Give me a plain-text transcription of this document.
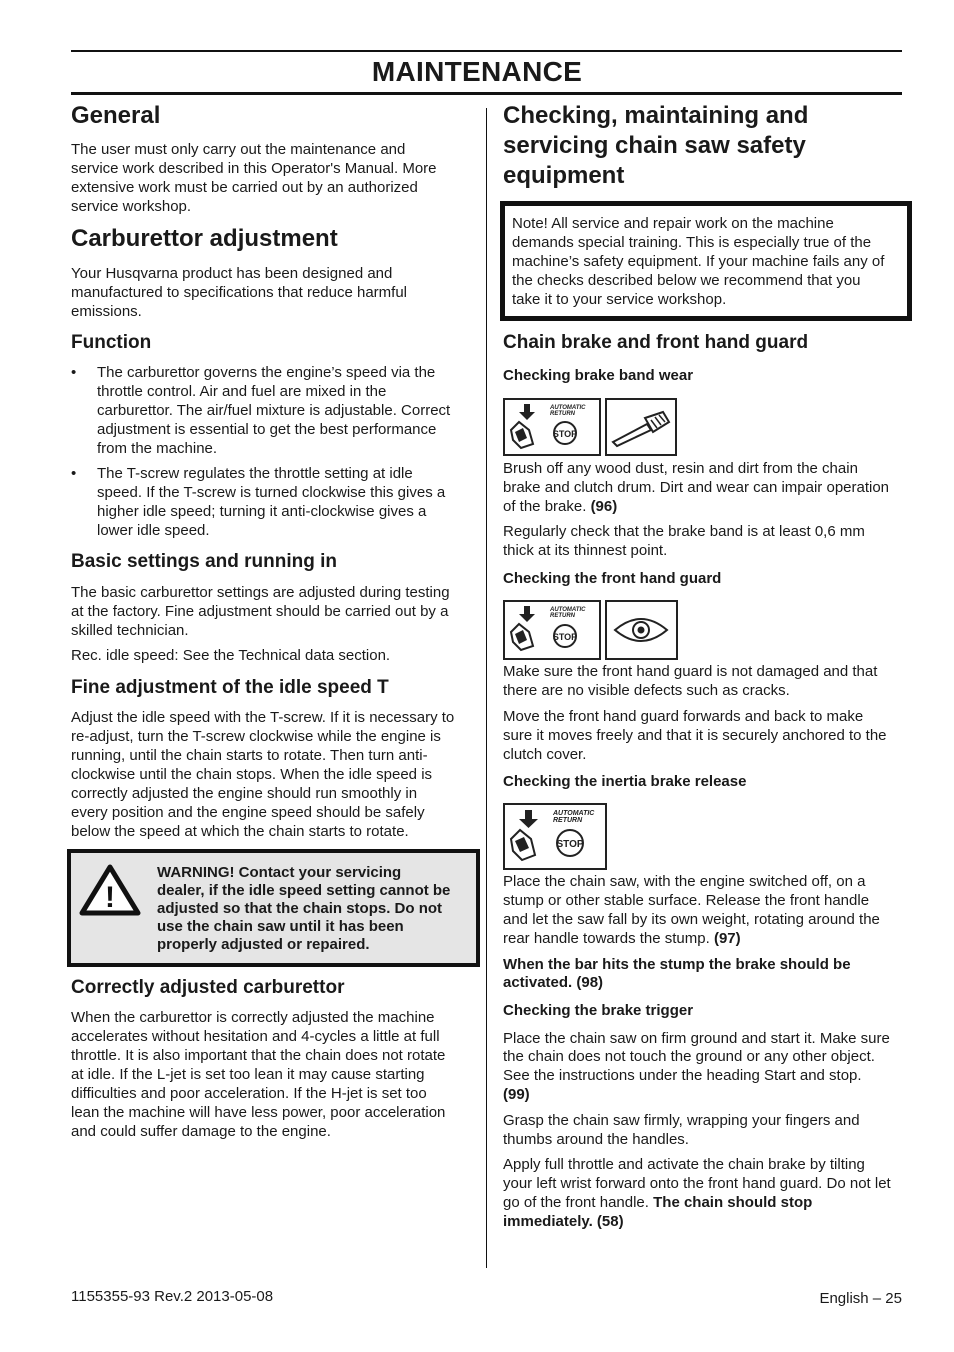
MAINTENANCE
General
The user must only carry out the maintenance and
service work described in this Operator's Manual. More
extensive work must be carried out by an authorized
service workshop.
Carburettor adjustment
Your Husqvarna product has been designed and
manufactured to specifications that reduce harmful
emissions.
Function
• The carburettor governs the engine’s speed via the
throttle control. Air and fuel are mixed in the
carburettor. The air/fuel mixture is adjustable. Correct
adjustment is essential to get the best performance
from the machine.
• The T-screw regulates the throttle setting at idle
speed. If the T-screw is turned clockwise this gives a
higher idle speed; turning it anti-clockwise gives a
lower idle speed.
Basic settings and running in
The basic carburettor settings are adjusted during testing
at the factory. Fine adjustment should be carried out by a
skilled technician.
Rec. idle speed: See the Technical data section.
Fine adjustment of the idle speed T
Adjust the idle speed with the T-screw. If it is necessary to
re-adjust, turn the T-screw clockwise while the engine is
running, until the chain starts to rotate. Then turn anti-
clockwise until the chain stops. When the idle speed is
correctly adjusted the engine should run smoothly in
every position and the engine speed should be safely
below the speed at which the chain starts to rotate.
!
WARNING! Contact your servicing
dealer, if the idle speed setting cannot be
adjusted so that the chain stops. Do not
use the chain saw until it has been
properly adjusted or repaired.
Correctly adjusted carburettor
When the carburettor is correctly adjusted the machine
accelerates without hesitation and 4-cycles a little at full
throttle. It is also important that the chain does not rotate
at idle. If the L-jet is set too lean it may cause starting
difficulties and poor acceleration. If the H-jet is set too
lean the machine will have less power, poor acceleration
and could suffer damage to the engine.
Checking, maintaining and
servicing chain saw safety
equipment
Note! All service and repair work on the machine
demands special training. This is especially true of the
machine’s safety equipment. If your machine fails any of
the checks described below we recommend that you
take it to your service workshop.
Chain brake and front hand guard
Checking brake band wear
STOP
AUTOMATIC
RETURN
Brush off any wood dust, resin and dirt from the chain
brake and clutch drum. Dirt and wear can impair operation
of the brake. (96)
Regularly check that the brake band is at least 0,6 mm
thick at its thinnest point.
Checking the front hand guard
STOP
AUTOMATIC
RETURN
Make sure the front hand guard is not damaged and that
there are no visible defects such as cracks.
Move the front hand guard forwards and back to make
sure it moves freely and that it is securely anchored to the
clutch cover.
Checking the inertia brake release
STOP
AUTOMATIC
RETURN
Place the chain saw, with the engine switched off, on a
stump or other stable surface. Release the front handle
and let the saw fall by its own weight, rotating around the
rear handle towards the stump. (97)
When the bar hits the stump the brake should be
activated. (98)
Checking the brake trigger
Place the chain saw on firm ground and start it. Make sure
the chain does not touch the ground or any other object.
See the instructions under the heading Start and stop.
(99)
Grasp the chain saw firmly, wrapping your fingers and
thumbs around the handles.
Apply full throttle and activate the chain brake by tilting
your left wrist forward onto the front hand guard. Do not let
go of the front handle. The chain should stop
immediately. (58)
1155355-93 Rev.2 2013-05-08	English – 25
